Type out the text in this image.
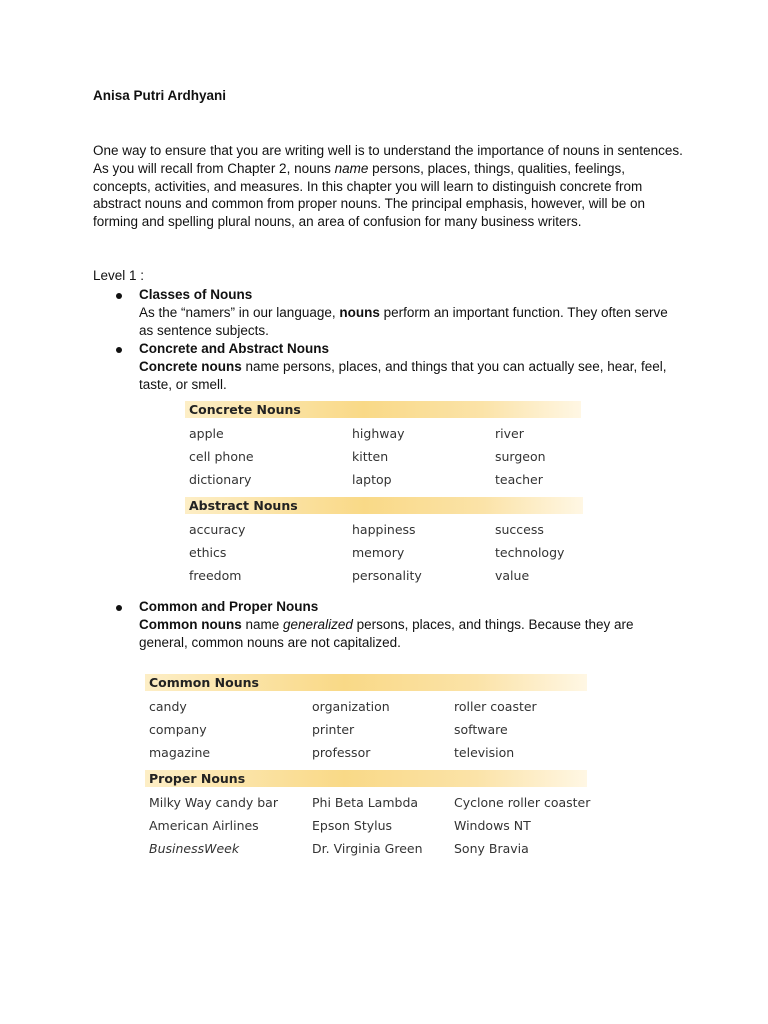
Anisa Putri Ardhyani

One way to ensure that you are writing well is to understand the importance of nouns in sentences. As you will recall from Chapter 2, nouns name persons, places, things, qualities, feelings, concepts, activities, and measures. In this chapter you will learn to distinguish concrete from abstract nouns and common from proper nouns. The principal emphasis, however, will be on forming and spelling plural nouns, an area of confusion for many business writers.

Level 1 :
Classes of Nouns

As the “namers” in our language, nouns perform an important function. They often serve as sentence subjects.

Concrete and Abstract Nouns

Concrete nouns name persons, places, and things that you can actually see, hear, feel, taste, or smell.

Concrete Nouns
apple	highway	river
cell phone	kitten	surgeon
dictionary	laptop	teacher
Abstract Nouns
accuracy	happiness	success
ethics	memory	technology
freedom	personality	value
Common and Proper Nouns

Common nouns name generalized persons, places, and things. Because they are general, common nouns are not capitalized.

Common Nouns
candy	organization	roller coaster
company	printer	software
magazine	professor	television
Proper Nouns
Milky Way candy bar	Phi Beta Lambda	Cyclone roller coaster
American Airlines	Epson Stylus	Windows NT
BusinessWeek	Dr. Virginia Green	Sony Bravia
